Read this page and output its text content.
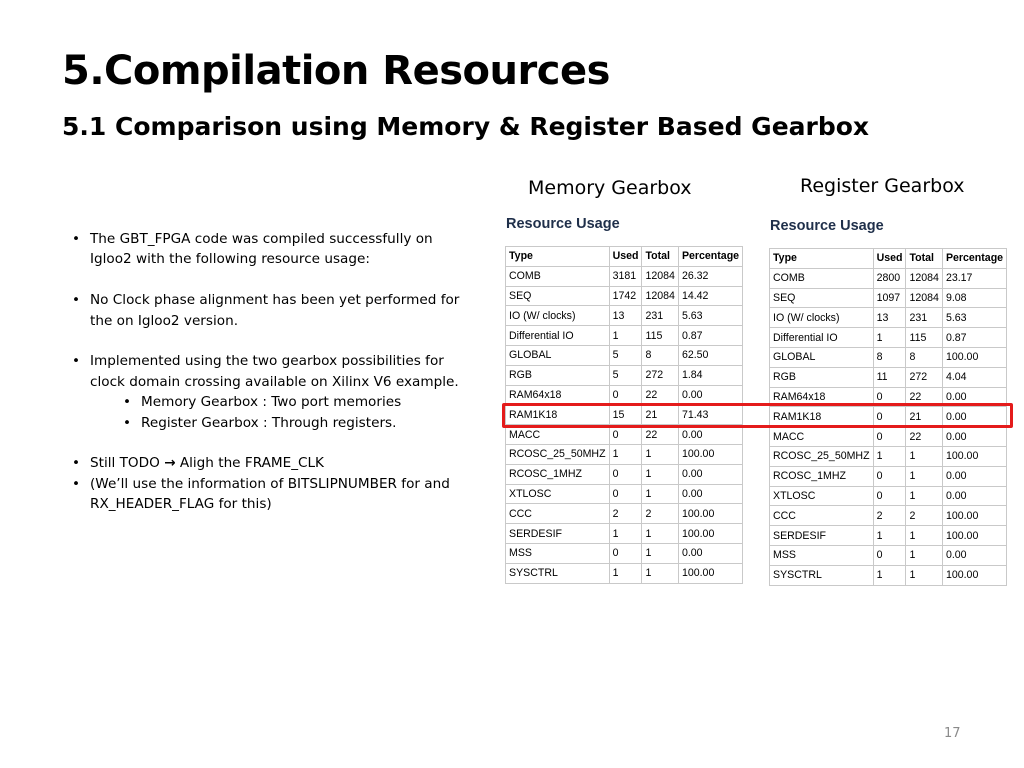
5.Compilation Resources
5.1 Comparison using Memory & Register Based Gearbox
Memory Gearbox	Register Gearbox
• The GBT_FPGA code was compiled successfully on Igloo2 with the following resource usage:
• No Clock phase alignment has been yet performed for the on Igloo2 version.
• Implemented using the two gearbox possibilities for clock domain crossing available on Xilinx V6 example.
• Memory Gearbox : Two port memories
• Register Gearbox : Through registers.
• Still TODO → Aligh the FRAME_CLK
• (We’ll use the information of BITSLIPNUMBER for and RX_HEADER_FLAG for this)
Resource Usage
Type	Used	Total	Percentage
COMB	3181	12084	26.32
SEQ	1742	12084	14.42
IO (W/ clocks)	13	231	5.63
Differential IO	1	115	0.87
GLOBAL	5	8	62.50
RGB	5	272	1.84
RAM64x18	0	22	0.00
RAM1K18	15	21	71.43
MACC	0	22	0.00
RCOSC_25_50MHZ	1	1	100.00
RCOSC_1MHZ	0	1	0.00
XTLOSC	0	1	0.00
CCC	2	2	100.00
SERDESIF	1	1	100.00
MSS	0	1	0.00
SYSCTRL	1	1	100.00
Resource Usage
Type	Used	Total	Percentage
COMB	2800	12084	23.17
SEQ	1097	12084	9.08
IO (W/ clocks)	13	231	5.63
Differential IO	1	115	0.87
GLOBAL	8	8	100.00
RGB	11	272	4.04
RAM64x18	0	22	0.00
RAM1K18	0	21	0.00
MACC	0	22	0.00
RCOSC_25_50MHZ	1	1	100.00
RCOSC_1MHZ	0	1	0.00
XTLOSC	0	1	0.00
CCC	2	2	100.00
SERDESIF	1	1	100.00
MSS	0	1	0.00
SYSCTRL	1	1	100.00
17
